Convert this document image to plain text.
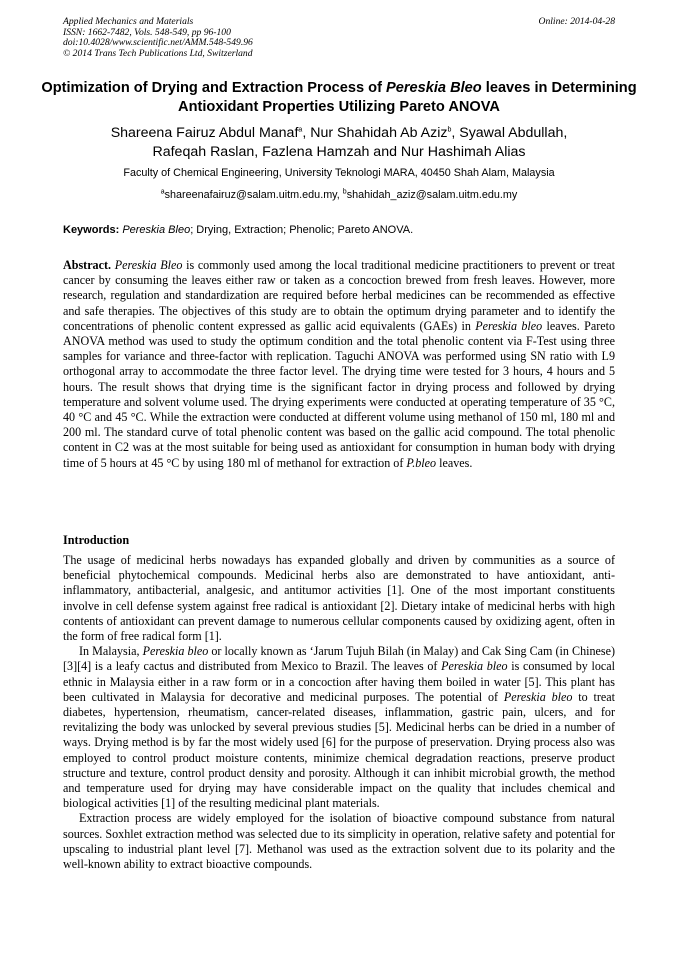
Applied Mechanics and Materials
ISSN: 1662-7482, Vols. 548-549, pp 96-100
doi:10.4028/www.scientific.net/AMM.548-549.96
© 2014 Trans Tech Publications Ltd, Switzerland
Online: 2014-04-28
Optimization of Drying and Extraction Process of Pereskia Bleo leaves in Determining Antioxidant Properties Utilizing Pareto ANOVA
Shareena Fairuz Abdul Manaf$^a$, Nur Shahidah Ab Aziz$^b$, Syawal Abdullah,
Rafeqah Raslan, Fazlena Hamzah and Nur Hashimah Alias
Faculty of Chemical Engineering, University Teknologi MARA, 40450 Shah Alam, Malaysia
$^a$shareenafairuz@salam.uitm.edu.my, $^b$shahidah_aziz@salam.uitm.edu.my
Keywords: Pereskia Bleo; Drying, Extraction; Phenolic; Pareto ANOVA.

Abstract. Pereskia Bleo is commonly used among the local traditional medicine practitioners to prevent or treat cancer by consuming the leaves either raw or taken as a concoction brewed from fresh leaves. However, more research, regulation and standardization are required before herbal medicines can be recommended as effective and safe therapies. The objectives of this study are to obtain the optimum drying parameter and to identify the concentrations of phenolic content expressed as gallic acid equivalents (GAEs) in Pereskia bleo leaves. Pareto ANOVA method was used to study the optimum condition and the total phenolic content via F-Test using three samples for variance and three-factor with replication. Taguchi ANOVA was performed using SN ratio with L9 orthogonal array to accommodate the three factor level. The drying time were tested for 3 hours, 4 hours and 5 hours. The result shows that drying time is the significant factor in drying process and followed by drying temperature and solvent volume used. The drying experiments were conducted at operating temperature of 35 °C, 40 °C and 45 °C. While the extraction were conducted at different volume using methanol of 150 ml, 180 ml and 200 ml. The standard curve of total phenolic content was based on the gallic acid compound. The total phenolic content in C2 was at the most suitable for being used as antioxidant for consumption in human body with drying time of 5 hours at 45 °C by using 180 ml of methanol for extraction of P.bleo leaves.

Introduction

The usage of medicinal herbs nowadays has expanded globally and driven by communities as a source of beneficial phytochemical compounds. Medicinal herbs also are demonstrated to have antioxidant, anti-inflammatory, antibacterial, analgesic, and antitumor activities [1]. One of the most important constituents involve in cell defense system against free radical is antioxidant [2]. Dietary intake of medicinal herbs with high contents of antioxidant can prevent damage to numerous cellular components caused by oxidizing agent, often in the form of free radical form [1].

In Malaysia, Pereskia bleo or locally known as ‘Jarum Tujuh Bilah (in Malay) and Cak Sing Cam (in Chinese) [3][4] is a leafy cactus and distributed from Mexico to Brazil. The leaves of Pereskia bleo is consumed by local ethnic in Malaysia either in a raw form or in a concoction after having them boiled in water [5]. This plant has been cultivated in Malaysia for decorative and medicinal purposes. The potential of Pereskia bleo to treat diabetes, hypertension, rheumatism, cancer-related diseases, inflammation, gastric pain, ulcers, and for revitalizing the body was unlocked by several previous studies [5]. Medicinal herbs can be dried in a number of ways. Drying method is by far the most widely used [6] for the purpose of preservation. Drying process also was employed to control product moisture contents, minimize chemical degradation reactions, preserve product structure and texture, control product density and porosity. Although it can inhibit microbial growth, the method and temperature used for drying may have considerable impact on the quality that includes chemical and biological activities [1] of the resulting medicinal plant materials.

Extraction process are widely employed for the isolation of bioactive compound substance from natural sources. Soxhlet extraction method was selected due to its simplicity in operation, relative safety and potential for upscaling to industrial plant level [7]. Methanol was used as the extraction solvent due to its polarity and the well-known ability to extract bioactive compounds.
